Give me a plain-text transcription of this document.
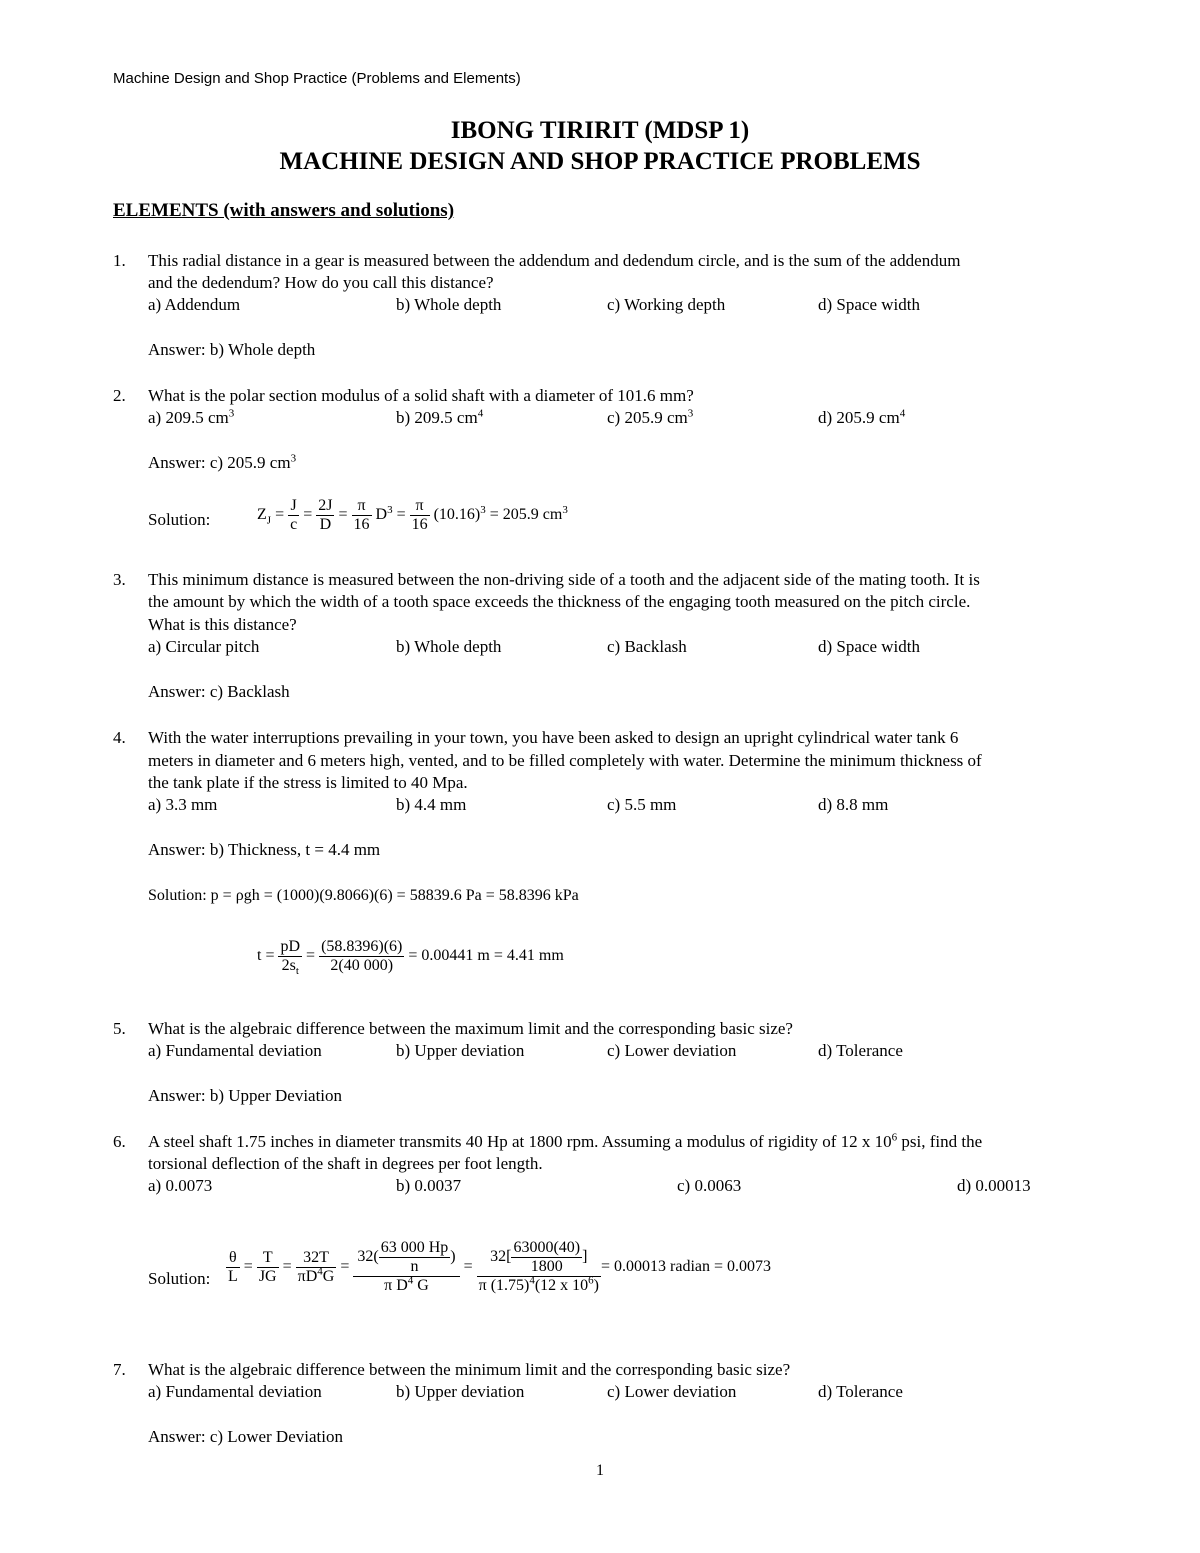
Machine Design and Shop Practice (Problems and Elements)
IBONG TIRIRIT (MDSP 1)
MACHINE DESIGN AND SHOP PRACTICE PROBLEMS
ELEMENTS (with answers and solutions)
1. This radial distance in a gear is measured between the addendum and dedendum circle, and is the sum of the addendum
and the dedendum? How do you call this distance?
a) Addendum	b) Whole depth	c) Working depth	d) Space width
Answer: b) Whole depth
2. What is the polar section modulus of a solid shaft with a diameter of 101.6 mm?
a) 209.5 $cm^3$	b) 209.5 $cm^4$	c) 205.9 $cm^3$	d) 205.9 $cm^4$
Answer: c) 205.9 $cm^3$
Solution:	$Z_J = \frac{J}{c} = \frac{2J}{D} = \frac{\pi}{16} D^3 = \frac{\pi}{16} (10.16)^3 = 205.9$ $cm^3$
3. This minimum distance is measured between the non-driving side of a tooth and the adjacent side of the mating tooth. It is
the amount by which the width of a tooth space exceeds the thickness of the engaging tooth measured on the pitch circle.
What is this distance?
a) Circular pitch	b) Whole depth	c) Backlash	d) Space width
Answer: c) Backlash
4. With the water interruptions prevailing in your town, you have been asked to design an upright cylindrical water tank 6
meters in diameter and 6 meters high, vented, and to be filled completely with water. Determine the minimum thickness of
the tank plate if the stress is limited to 40 Mpa.
a) 3.3 mm	b) 4.4 mm	c) 5.5 mm	d) 8.8 mm
Answer: b) Thickness, t = 4.4 mm
Solution: p = ρgh = (1000)(9.8066)(6) = 58839.6 Pa = 58.8396 kPa
$t = \frac{pD}{2s_t} = \frac{(58.8396)(6)}{2(40 000)} = 0.00441$ m = 4.41 mm
5. What is the algebraic difference between the maximum limit and the corresponding basic size?
a) Fundamental deviation	b) Upper deviation	c) Lower deviation	d) Tolerance
Answer: b) Upper Deviation
6. A steel shaft 1.75 inches in diameter transmits 40 Hp at 1800 rpm. Assuming a modulus of rigidity of 12 x $10^6$ psi, find the
torsional deflection of the shaft in degrees per foot length.
a) 0.0073	b) 0.0037	c) 0.0063	d) 0.00013
Solution: $\frac{\theta}{L} = \frac{T}{JG} = \frac{32T}{\pi D^4G} = \frac{32( \frac{63 000 Hp}{n} )}{\pi D^4 G} = \frac{32[ \frac{63000(40)}{1800} ]}{\pi (1.75)^4(12 x 10^6)} = 0.00013$ radian = 0.0073
7. What is the algebraic difference between the minimum limit and the corresponding basic size?
a) Fundamental deviation	b) Upper deviation	c) Lower deviation	d) Tolerance
Answer: c) Lower Deviation
1
